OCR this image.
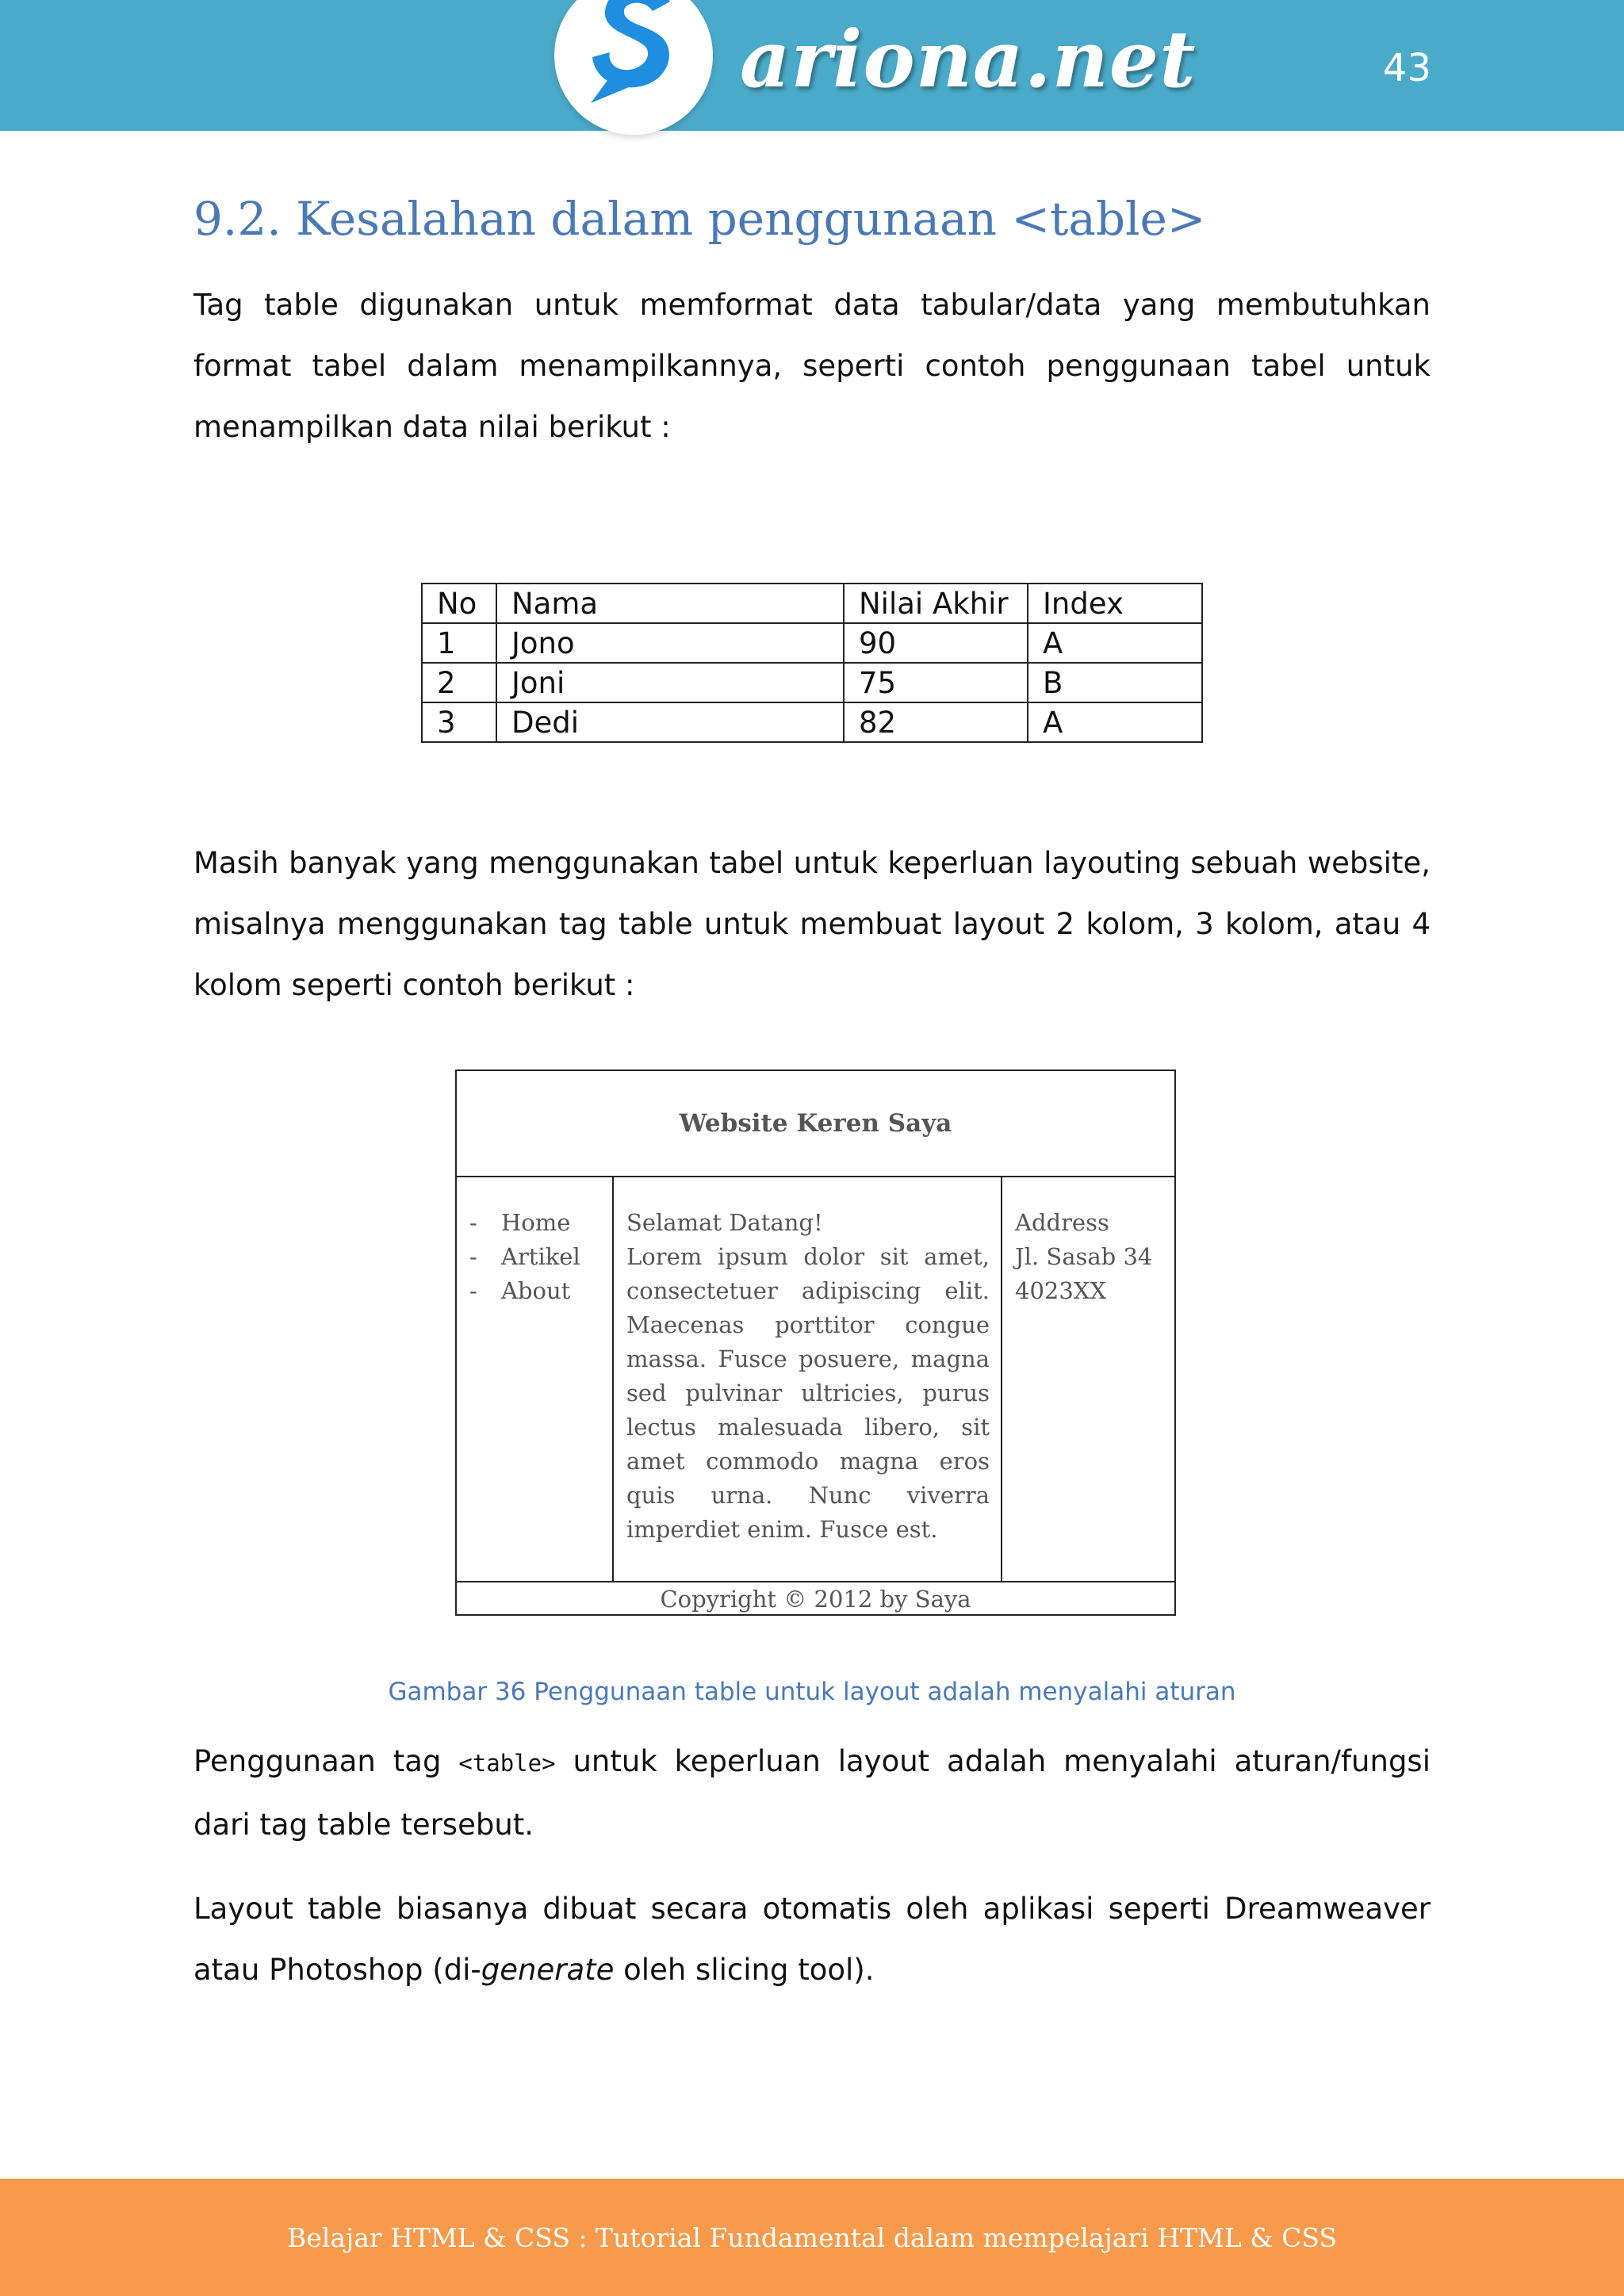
ariona.net	43
9.2. Kesalahan dalam penggunaan <table>

Tag table digunakan untuk memformat data tabular/data yang membutuhkan format tabel dalam menampilkannya, seperti contoh penggunaan tabel untuk menampilkan data nilai berikut :

No	Nama	Nilai Akhir	Index
1	Jono	90	A
2	Joni	75	B
3	Dedi	82	A

Masih banyak yang menggunakan tabel untuk keperluan layouting sebuah website, misalnya menggunakan tag table untuk membuat layout 2 kolom, 3 kolom, atau 4 kolom seperti contoh berikut :

Website Keren Saya
- Home
- Artikel
- About
Selamat Datang!
Lorem ipsum dolor sit amet, consectetuer adipiscing elit. Maecenas porttitor congue massa. Fusce posuere, magna sed pulvinar ultricies, purus lectus malesuada libero, sit amet commodo magna eros quis urna. Nunc viverra imperdiet enim. Fusce est.
Address
Jl. Sasab 34
4023XX
Copyright © 2012 by Saya
Gambar 36 Penggunaan table untuk layout adalah menyalahi aturan

Penggunaan tag <table> untuk keperluan layout adalah menyalahi aturan/fungsi dari tag table tersebut.

Layout table biasanya dibuat secara otomatis oleh aplikasi seperti Dreamweaver atau Photoshop (di-generate oleh slicing tool).

Belajar HTML & CSS : Tutorial Fundamental dalam mempelajari HTML & CSS
